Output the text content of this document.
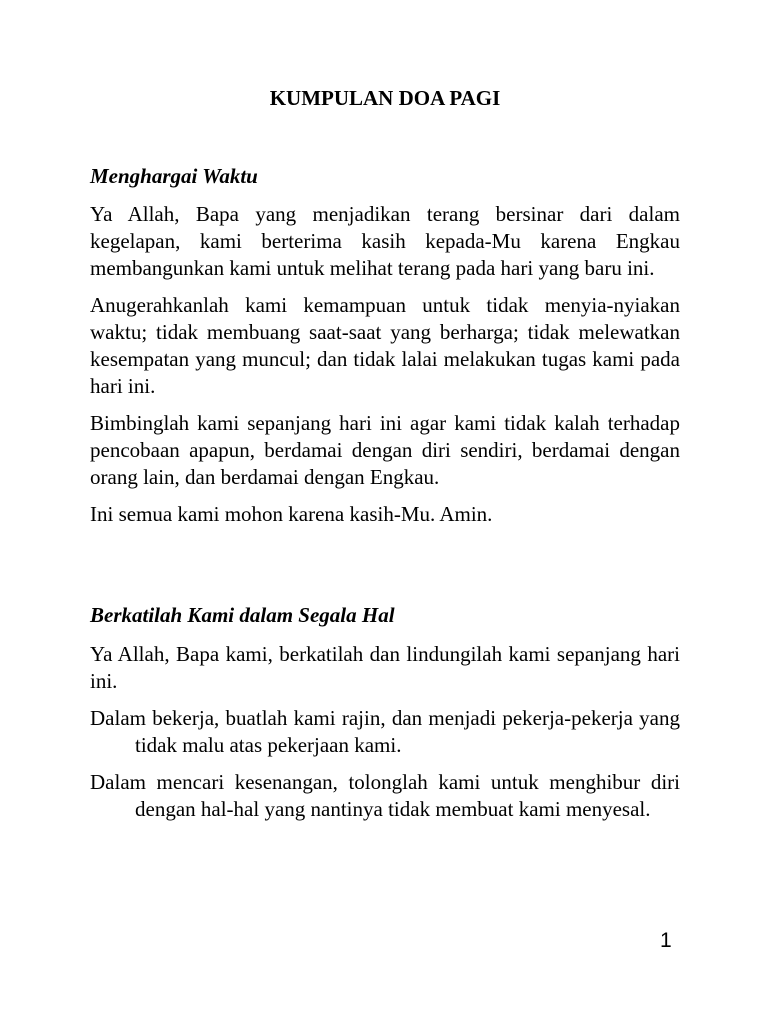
KUMPULAN DOA PAGI
Menghargai Waktu

Ya Allah, Bapa yang menjadikan terang bersinar dari dalam kegelapan, kami berterima kasih kepada-Mu karena Engkau membangunkan kami untuk melihat terang pada hari yang baru ini.

Anugerahkanlah kami kemampuan untuk tidak menyia-nyiakan waktu; tidak membuang saat-saat yang berharga; tidak melewatkan kesempatan yang muncul; dan tidak lalai melakukan tugas kami pada hari ini.

Bimbinglah kami sepanjang hari ini agar kami tidak kalah terhadap pencobaan apapun, berdamai dengan diri sendiri, berdamai dengan orang lain, dan berdamai dengan Engkau.

Ini semua kami mohon karena kasih-Mu. Amin.

Berkatilah Kami dalam Segala Hal

Ya Allah, Bapa kami, berkatilah dan lindungilah kami sepanjang hari ini.

Dalam bekerja, buatlah kami rajin, dan menjadi pekerja-pekerja yang tidak malu atas pekerjaan kami.

Dalam mencari kesenangan, tolonglah kami untuk menghibur diri dengan hal-hal yang nantinya tidak membuat kami menyesal.

1
